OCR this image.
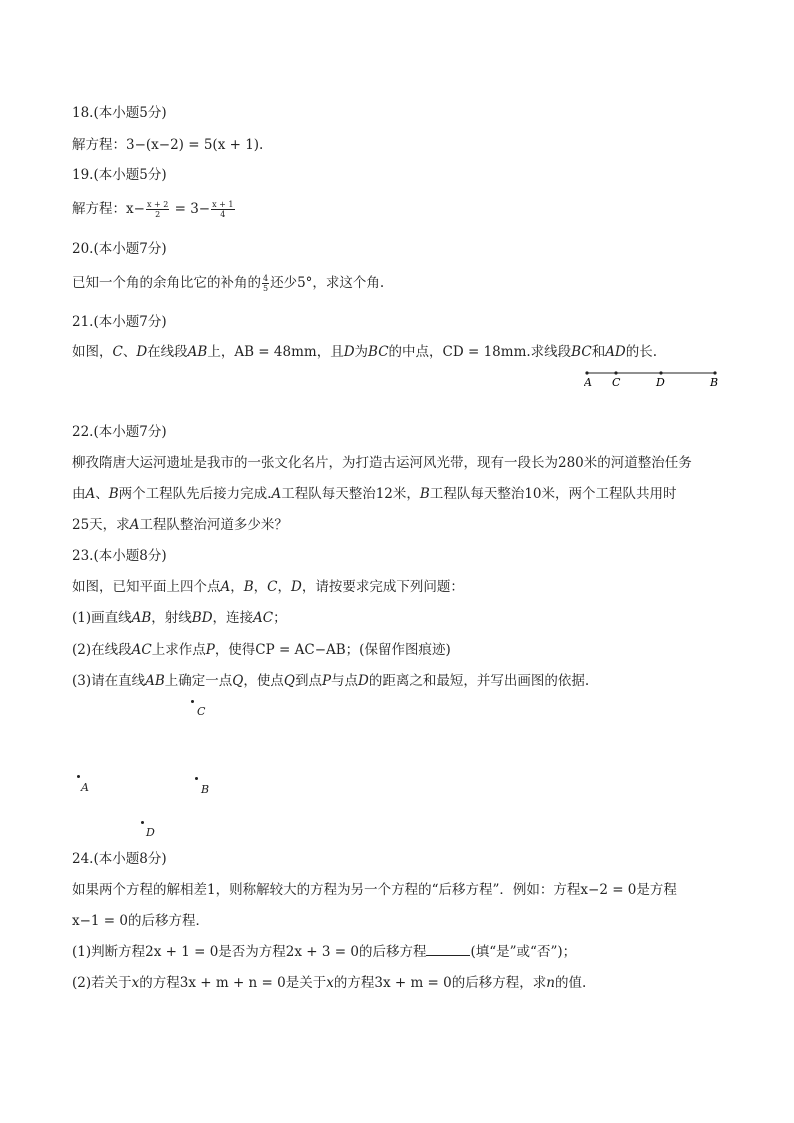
18.(本小题5分)
解方程：3−(x−2) = 5(x + 1).
19.(本小题5分)
解方程：$x- \frac{x + 2}{2} = 3- \frac{x + 1}{4}$
20.(本小题7分)
已知一个角的余角比它的补角的 $\frac{4}{5}$ 还少5°，求这个角.
21.(本小题7分)
如图，C、D在线段AB上，AB = 48mm，且D为BC的中点，CD = 18mm.求线段BC和AD的长.
A C	D	B
22.(本小题7分)
柳孜隋唐大运河遗址是我市的一张文化名片，为打造古运河风光带，现有一段长为280米的河道整治任务
由A、B两个工程队先后接力完成.A工程队每天整治12米，B工程队每天整治10米，两个工程队共用时
25天，求A工程队整治河道多少米？
23.(本小题8分)
如图，已知平面上四个点A，B，C，D，请按要求完成下列问题：
(1)画直线AB，射线BD，连接AC；
(2)在线段AC上求作点P，使得CP = AC−AB；(保留作图痕迹)
(3)请在直线AB上确定一点Q，使点Q到点P与点D的距离之和最短，并写出画图的依据.
C
A	B
D
24.(本小题8分)
如果两个方程的解相差1，则称解较大的方程为另一个方程的“后移方程”．例如：方程x−2 = 0是方程
x−1 = 0的后移方程．
(1)判断方程2x + 1 = 0是否为方程2x + 3 = 0的后移方程	(填“是”或“否”)；
(2)若关于x的方程3x + m + n = 0是关于x的方程3x + m = 0的后移方程，求n的值.
